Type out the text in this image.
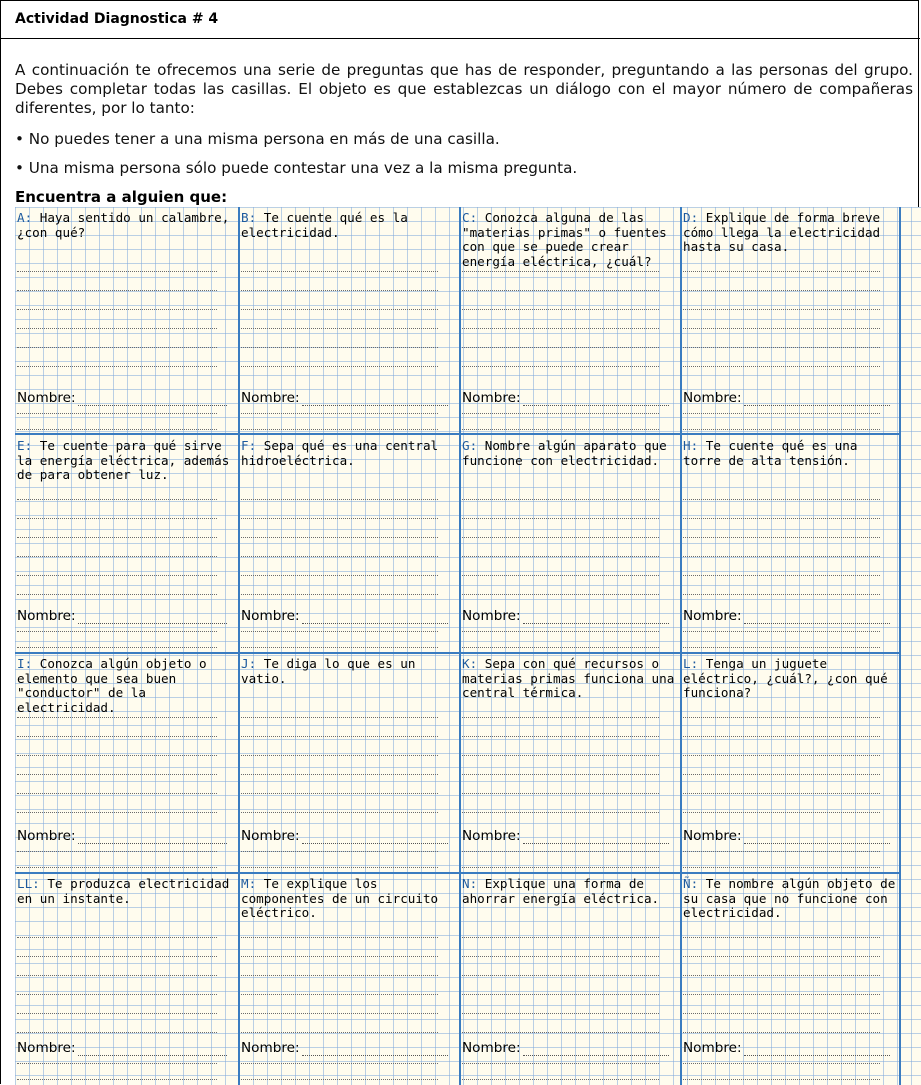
Actividad Diagnostica # 4
A continuación te ofrecemos una serie de preguntas que has de responder, preguntando a las personas del grupo. Debes completar todas las casillas. El objeto es que establezcas un diálogo con el mayor número de compañeras diferentes, por lo tanto:
• No puedes tener a una misma persona en más de una casilla.
• Una misma persona sólo puede contestar una vez a la misma pregunta.
Encuentra a alguien que:
A: Haya sentido un calambre, ¿con qué?
Nombre:
B: Te cuente qué es la electricidad.
Nombre:
C: Conozca alguna de las "materias primas" o fuentes con que se puede crear energía eléctrica, ¿cuál?
Nombre:
D: Explique de forma breve cómo llega la electricidad hasta su casa.
Nombre:
E: Te cuente para qué sirve la energía eléctrica, además de para obtener luz.
Nombre:
F: Sepa qué es una central hidroeléctrica.
Nombre:
G: Nombre algún aparato que funcione con electricidad.
Nombre:
H: Te cuente qué es una torre de alta tensión.
Nombre:
I: Conozca algún objeto o elemento que sea buen "conductor" de la electricidad.
Nombre:
J: Te diga lo que es un vatio.
Nombre:
K: Sepa con qué recursos o materias primas funciona una central térmica.
Nombre:
L: Tenga un juguete eléctrico, ¿cuál?, ¿con qué funciona?
Nombre:
LL: Te produzca electricidad en un instante.
Nombre:
M: Te explique los componentes de un circuito eléctrico.
Nombre:
N: Explique una forma de ahorrar energía eléctrica.
Nombre:
Ñ: Te nombre algún objeto de su casa que no funcione con electricidad.
Nombre:
